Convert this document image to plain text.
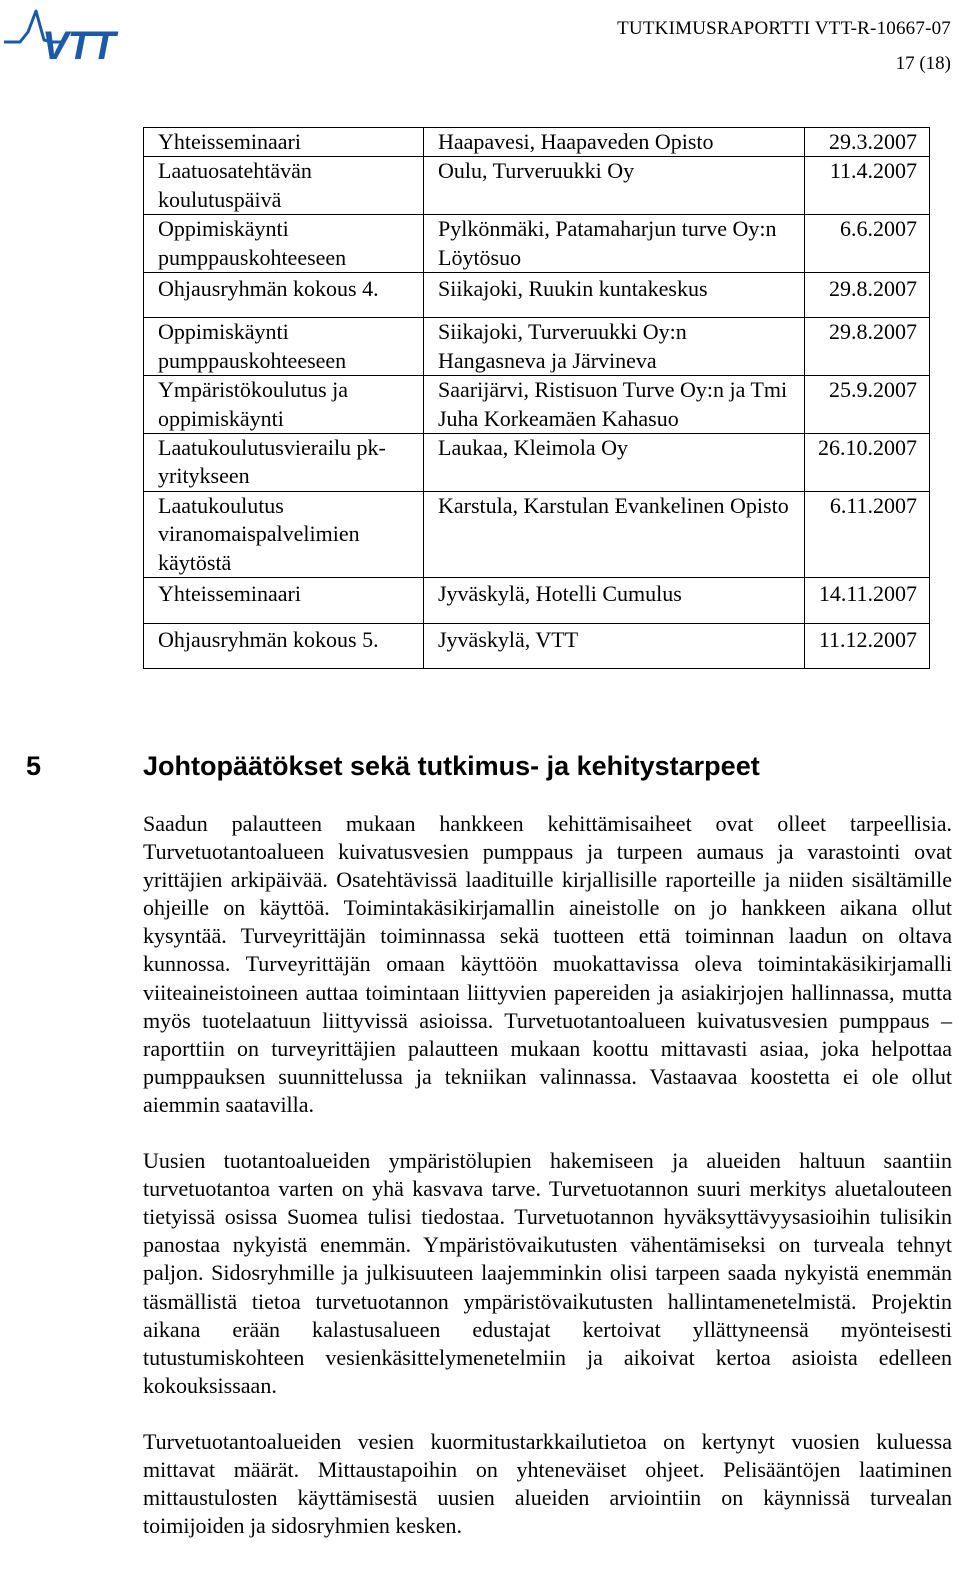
VTT	TUTKIMUSRAPORTTI VTT-R-10667-07
17 (18)
Yhteisseminaari	Haapavesi, Haapaveden Opisto	29.3.2007
Laatuosatehtävän koulutuspäivä	Oulu, Turveruukki Oy	11.4.2007
Oppimiskäynti pumppauskohteeseen	Pylkönmäki, Patamaharjun turve Oy:n Löytösuo	6.6.2007
Ohjausryhmän kokous 4.	Siikajoki, Ruukin kuntakeskus	29.8.2007
Oppimiskäynti pumppauskohteeseen	Siikajoki, Turveruukki Oy:n Hangasneva ja Järvineva	29.8.2007
Ympäristökoulutus ja oppimiskäynti	Saarijärvi, Ristisuon Turve Oy:n ja Tmi Juha Korkeamäen Kahasuo	25.9.2007
Laatukoulutusvierailu pk-yritykseen	Laukaa, Kleimola Oy	26.10.2007
Laatukoulutus viranomaispalvelimien käytöstä	Karstula, Karstulan Evankelinen Opisto	6.11.2007
Yhteisseminaari	Jyväskylä, Hotelli Cumulus	14.11.2007
Ohjausryhmän kokous 5.	Jyväskylä, VTT	11.12.2007
5	Johtopäätökset sekä tutkimus- ja kehitystarpeet

Saadun palautteen mukaan hankkeen kehittämisaiheet ovat olleet tarpeellisia. Turvetuotantoalueen kuivatusvesien pumppaus ja turpeen aumaus ja varastointi ovat yrittäjien arkipäivää. Osatehtävissä laadituille kirjallisille raporteille ja niiden sisältämille ohjeille on käyttöä. Toimintakäsikirjamallin aineistolle on jo hankkeen aikana ollut kysyntää. Turveyrittäjän toiminnassa sekä tuotteen että toiminnan laadun on oltava kunnossa. Turveyrittäjän omaan käyttöön muokattavissa oleva toimintakäsikirjamalli viiteaineistoineen auttaa toimintaan liittyvien papereiden ja asiakirjojen hallinnassa, mutta myös tuotelaatuun liittyvissä asioissa. Turvetuotantoalueen kuivatusvesien pumppaus –raporttiin on turveyrittäjien palautteen mukaan koottu mittavasti asiaa, joka helpottaa pumppauksen suunnittelussa ja tekniikan valinnassa. Vastaavaa koostetta ei ole ollut aiemmin saatavilla.

Uusien tuotantoalueiden ympäristölupien hakemiseen ja alueiden haltuun saantiin turvetuotantoa varten on yhä kasvava tarve. Turvetuotannon suuri merkitys aluetalouteen tietyissä osissa Suomea tulisi tiedostaa. Turvetuotannon hyväksyttävyysasioihin tulisikin panostaa nykyistä enemmän. Ympäristövaikutusten vähentämiseksi on turveala tehnyt paljon. Sidosryhmille ja julkisuuteen laajemminkin olisi tarpeen saada nykyistä enemmän täsmällistä tietoa turvetuotannon ympäristövaikutusten hallintamenetelmistä. Projektin aikana erään kalastusalueen edustajat kertoivat yllättyneensä myönteisesti tutustumiskohteen vesienkäsittelymenetelmiin ja aikoivat kertoa asioista edelleen kokouksissaan.

Turvetuotantoalueiden vesien kuormitustarkkailutietoa on kertynyt vuosien kuluessa mittavat määrät. Mittaustapoihin on yhteneväiset ohjeet. Pelisääntöjen laatiminen mittaustulosten käyttämisestä uusien alueiden arviointiin on käynnissä turvealan toimijoiden ja sidosryhmien kesken.
